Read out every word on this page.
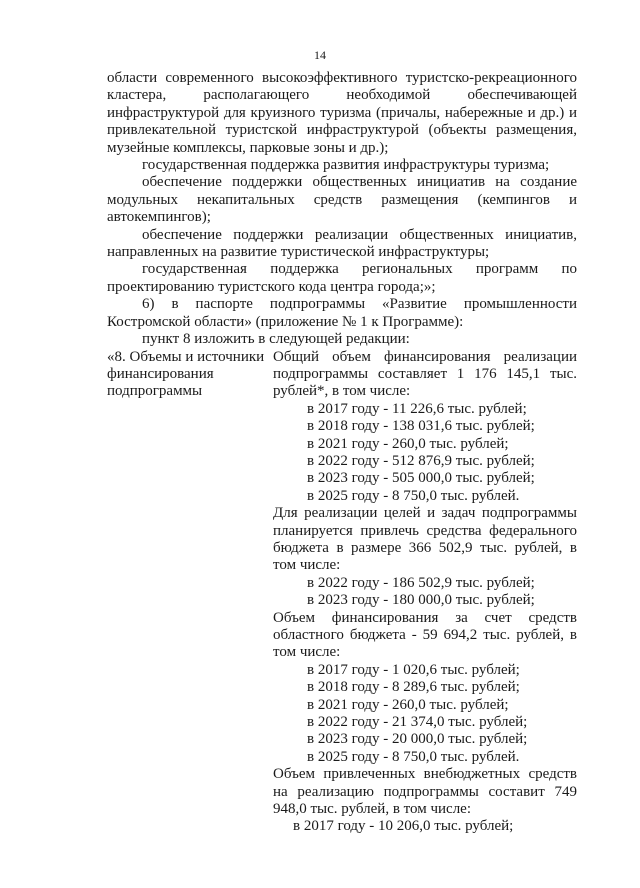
14

области современного высокоэффективного туристско-рекреационного кластера, располагающего необходимой обеспечивающей инфраструктурой для круизного туризма (причалы, набережные и др.) и привлекательной туристской инфраструктурой (объекты размещения, музейные комплексы, парковые зоны и др.);

государственная поддержка развития инфраструктуры туризма;

обеспечение поддержки общественных инициатив на создание модульных некапитальных средств размещения (кемпингов и автокемпингов);

обеспечение поддержки реализации общественных инициатив, направленных на развитие туристической инфраструктуры;

государственная поддержка региональных программ по проектированию туристского кода центра города;»;

6) в паспорте подпрограммы «Развитие промышленности Костромской области» (приложение № 1 к Программе):

пункт 8 изложить в следующей редакции:

«8. Объемы и источники финансирования подпрограммы

Общий объем финансирования реализации подпрограммы составляет 1 176 145,1 тыс. рублей*, в том числе:

в 2017 году - 11 226,6 тыс. рублей;

в 2018 году - 138 031,6 тыс. рублей;

в 2021 году - 260,0 тыс. рублей;

в 2022 году - 512 876,9 тыс. рублей;

в 2023 году - 505 000,0 тыс. рублей;

в 2025 году - 8 750,0 тыс. рублей.

Для реализации целей и задач подпрограммы планируется привлечь средства федерального бюджета в размере 366 502,9 тыс. рублей, в том числе:

в 2022 году - 186 502,9 тыс. рублей;

в 2023 году - 180 000,0 тыс. рублей;

Объем финансирования за счет средств областного бюджета - 59 694,2 тыс. рублей, в том числе:

в 2017 году - 1 020,6 тыс. рублей;

в 2018 году - 8 289,6 тыс. рублей;

в 2021 году - 260,0 тыс. рублей;

в 2022 году - 21 374,0 тыс. рублей;

в 2023 году - 20 000,0 тыс. рублей;

в 2025 году - 8 750,0 тыс. рублей.

Объем привлеченных внебюджетных средств на реализацию подпрограммы составит 749 948,0 тыс. рублей, в том числе:

в 2017 году - 10 206,0 тыс. рублей;
